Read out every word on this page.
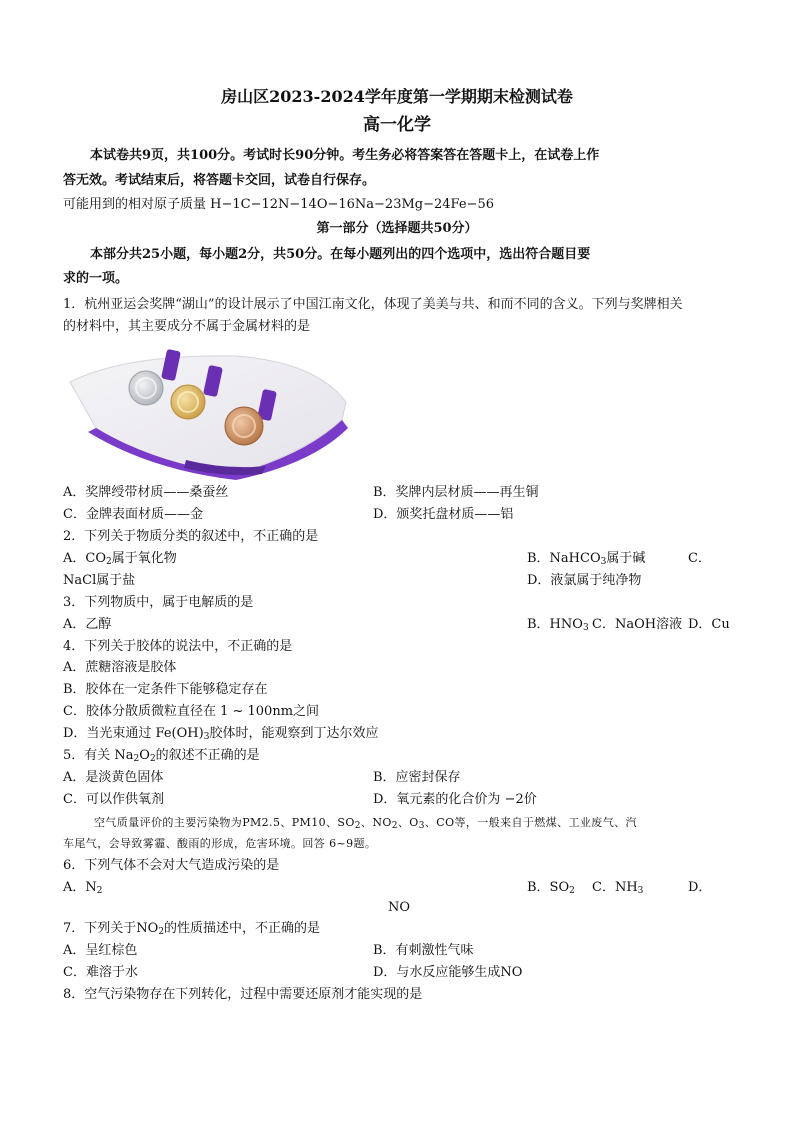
房山区2023-2024学年度第一学期期末检测试卷
高一化学
本试卷共9页，共100分。考试时长90分钟。考生务必将答案答在答题卡上，在试卷上作
答无效。考试结束后，将答题卡交回，试卷自行保存。
可能用到的相对原子质量 H−1C−12N−14O−16Na−23Mg−24Fe−56
第一部分（选择题共50分）
本部分共25小题，每小题2分，共50分。在每小题列出的四个选项中，选出符合题目要
求的一项。
1．杭州亚运会奖牌“湖山”的设计展示了中国江南文化，体现了美美与共、和而不同的含义。下列与奖牌相关
的材料中，其主要成分不属于金属材料的是
A．奖牌绶带材质——桑蚕丝	B．奖牌内层材质——再生铜
C．金牌表面材质——金	D．颁奖托盘材质——铝
2．下列关于物质分类的叙述中，不正确的是
A．$CO_2$属于氧化物	B．NaHCO$_3$属于碱	C．
NaCl属于盐	D．液氯属于纯净物
3．下列物质中，属于电解质的是
A．乙醇	B．$HNO_3$ C．NaOH溶液 D．Cu
4．下列关于胶体的说法中，不正确的是
A．蔗糖溶液是胶体
B．胶体在一定条件下能够稳定存在
C．胶体分散质微粒直径在 1 ~ 100nm之间
D．当光束通过 $Fe(OH)_3$胶体时，能观察到丁达尔效应
5．有关 $Na_2O_2$的叙述不正确的是
A．是淡黄色固体	B．应密封保存
C．可以作供氧剂	D．氧元素的化合价为 −2价
空气质量评价的主要污染物为PM2.5、PM10、$SO_2$、$NO_2$、$O_3$、CO等，一般来自于燃煤、工业废气、汽
车尾气，会导致雾霾、酸雨的形成，危害环境。回答 6~9题。
6．下列气体不会对大气造成污染的是
A．$N_2$	B．$SO_2$ C．$NH_3$	D．
NO
7．下列关于$NO_2$的性质描述中，不正确的是
A．呈红棕色	B．有刺激性气味
C．难溶于水	D．与水反应能够生成NO
8．空气污染物存在下列转化，过程中需要还原剂才能实现的是
